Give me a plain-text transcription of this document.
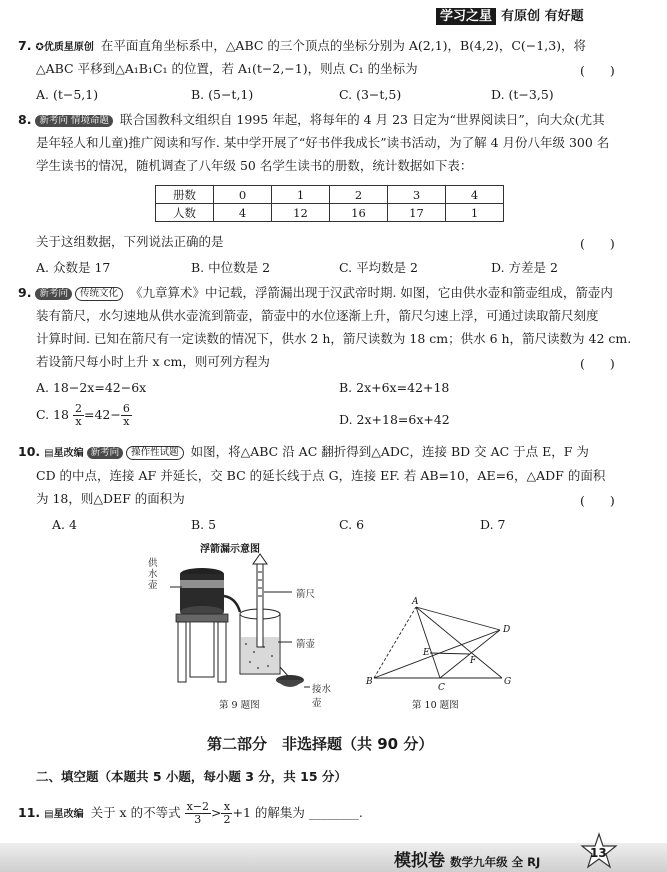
学习之星 有原创 有好题
7. ✪优质星原创 在平面直角坐标系中，△ABC 的三个顶点的坐标分别为 A(2,1)，B(4,2)，C(−1,3)，将
△ABC 平移到△A₁B₁C₁ 的位置，若 A₁(t−2,−1)，则点 C₁ 的坐标为	(　　)
A. (t−5,1)	B. (5−t,1)	C. (3−t,5)	D. (t−3,5)
8. 新考向 情境命题 联合国教科文组织自 1995 年起，将每年的 4 月 23 日定为“世界阅读日”，向大众(尤其
是年轻人和儿童)推广阅读和写作. 某中学开展了“好书伴我成长”读书活动，为了解 4 月份八年级 300 名
学生读书的情况，随机调查了八年级 50 名学生读书的册数，统计数据如下表：
册数	0	1	2	3	4
人数	4	12	16	17	1
关于这组数据，下列说法正确的是	(　　)
A. 众数是 17	B. 中位数是 2	C. 平均数是 2	D. 方差是 2
9. 新考向 传统文化 《九章算术》中记载，浮箭漏出现于汉武帝时期. 如图，它由供水壶和箭壶组成，箭壶内
装有箭尺，水匀速地从供水壶流到箭壶，箭壶中的水位逐渐上升，箭尺匀速上浮，可通过读取箭尺刻度
计算时间. 已知在箭尺有一定读数的情况下，供水 2 h，箭尺读数为 18 cm；供水 6 h，箭尺读数为 42 cm.
若设箭尺每小时上升 x cm，则可列方程为	(　　)
A. 18−2x=42−6x	B. 2x+6x=42+18
C. $18 \frac{2}{x} =42- \frac{6}{x}$	D. 2x+18=6x+42
10. ▤星改编 新考向 操作性试题 如图，将△ABC 沿 AC 翻折得到△ADC，连接 BD 交 AC 于点 E，F 为
CD 的中点，连接 AF 并延长，交 BC 的延长线于点 G，连接 EF. 若 AB=10，AE=6，△ADF 的面积
为 18，则△DEF 的面积为	(　　)
A. 4	B. 5	C. 6	D. 7
浮箭漏示意图
供水壶
箭尺
箭壶
接水壶
第 9 题图
A
B
C
D
E
F
G
第 10 题图
第二部分　非选择题（共 90 分）
二、填空题（本题共 5 小题，每小题 3 分，共 15 分）
11. ▤星改编 关于 x 的不等式 $\frac{x-2}{3} > \frac{x}{2} +1$ 的解集为 ________.
模拟卷 数学九年级 全 RJ
13
